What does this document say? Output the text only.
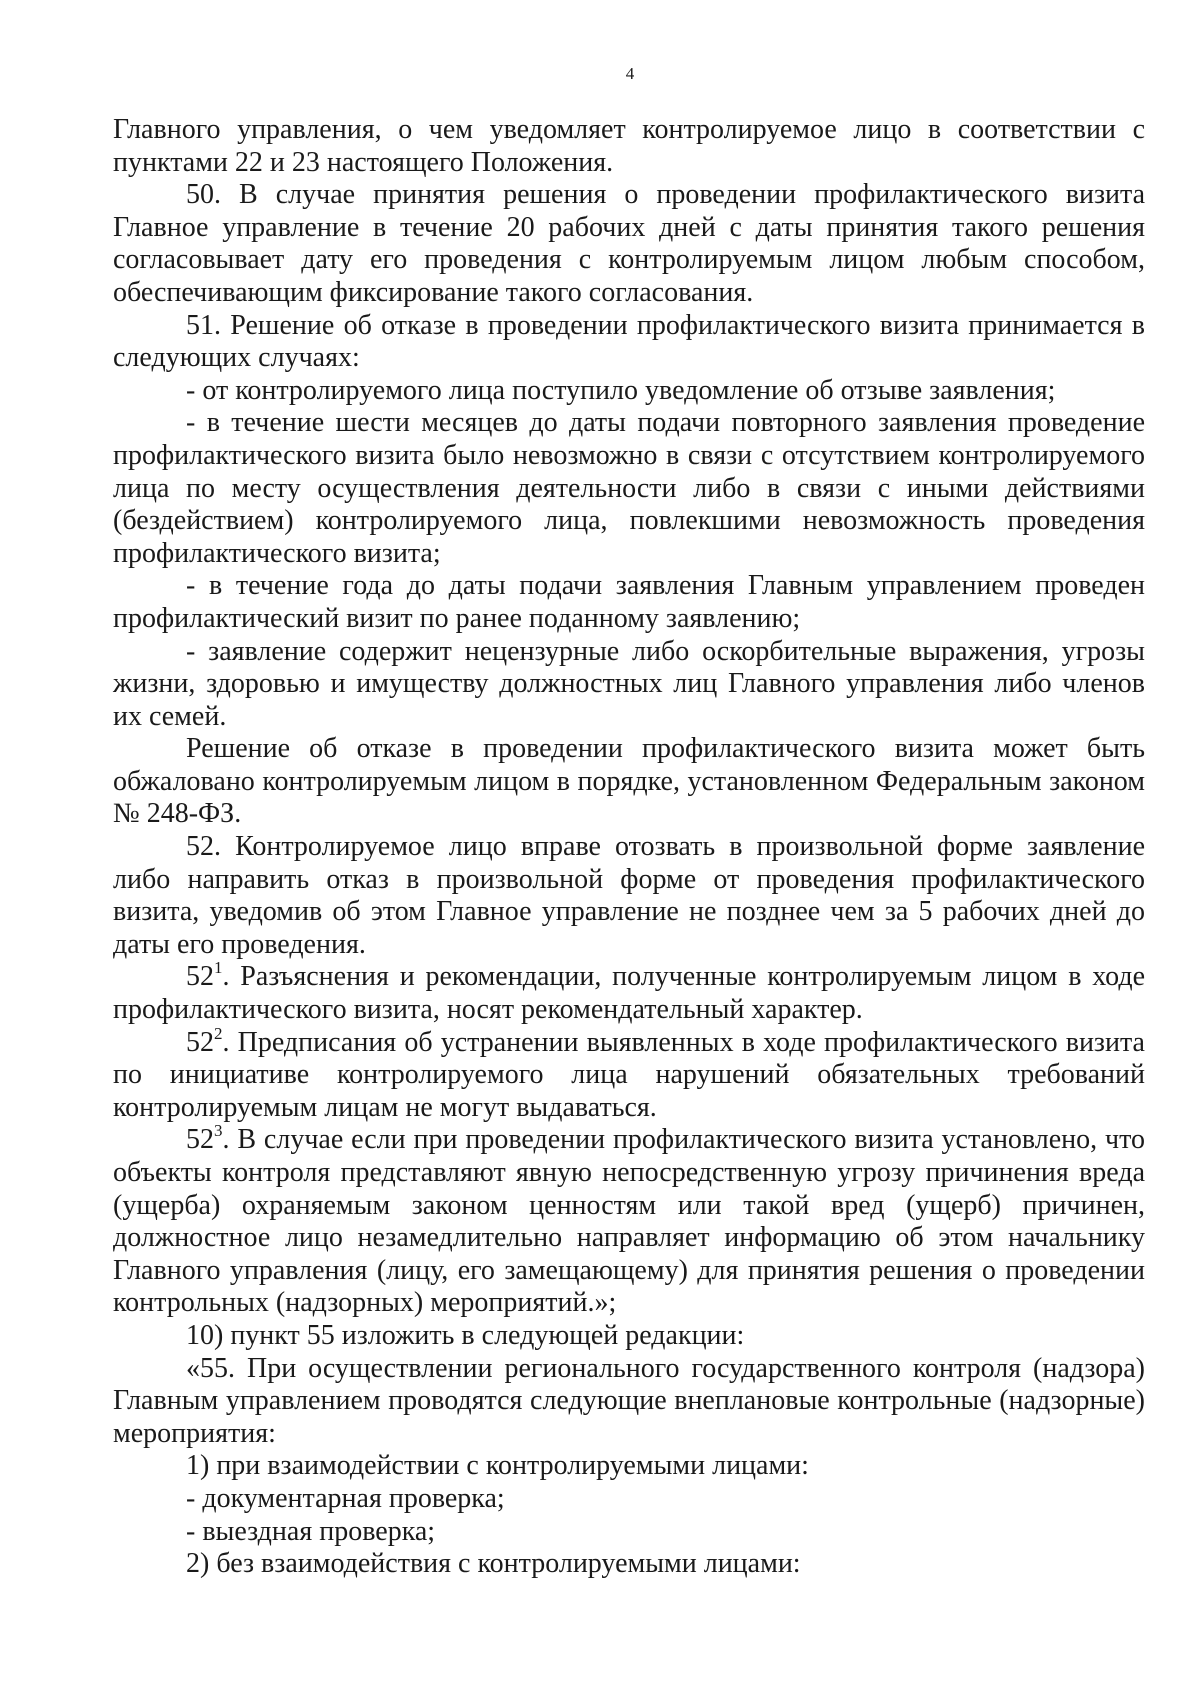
4

Главного управления, о чем уведомляет контролируемое лицо в соответствии с пунктами 22 и 23 настоящего Положения.

50. В случае принятия решения о проведении профилактического визита Главное управление в течение 20 рабочих дней с даты принятия такого решения согласовывает дату его проведения с контролируемым лицом любым способом, обеспечивающим фиксирование такого согласования.

51. Решение об отказе в проведении профилактического визита принимается в следующих случаях:

- от контролируемого лица поступило уведомление об отзыве заявления;

- в течение шести месяцев до даты подачи повторного заявления проведение профилактического визита было невозможно в связи с отсутствием контролируемого лица по месту осуществления деятельности либо в связи с иными действиями (бездействием) контролируемого лица, повлекшими невозможность проведения профилактического визита;

- в течение года до даты подачи заявления Главным управлением проведен профилактический визит по ранее поданному заявлению;

- заявление содержит нецензурные либо оскорбительные выражения, угрозы жизни, здоровью и имуществу должностных лиц Главного управления либо членов их семей.

Решение об отказе в проведении профилактического визита может быть обжаловано контролируемым лицом в порядке, установленном Федеральным законом № 248-ФЗ.

52. Контролируемое лицо вправе отозвать в произвольной форме заявление либо направить отказ в произвольной форме от проведения профилактического визита, уведомив об этом Главное управление не позднее чем за 5 рабочих дней до даты его проведения.

$52^1$. Разъяснения и рекомендации, полученные контролируемым лицом в ходе профилактического визита, носят рекомендательный характер.

$52^2$. Предписания об устранении выявленных в ходе профилактического визита по инициативе контролируемого лица нарушений обязательных требований контролируемым лицам не могут выдаваться.

$52^3$. В случае если при проведении профилактического визита установлено, что объекты контроля представляют явную непосредственную угрозу причинения вреда (ущерба) охраняемым законом ценностям или такой вред (ущерб) причинен, должностное лицо незамедлительно направляет информацию об этом начальнику Главного управления (лицу, его замещающему) для принятия решения о проведении контрольных (надзорных) мероприятий.»;

10) пункт 55 изложить в следующей редакции:

«55. При осуществлении регионального государственного контроля (надзора) Главным управлением проводятся следующие внеплановые контрольные (надзорные) мероприятия:

1) при взаимодействии с контролируемыми лицами:

- документарная проверка;

- выездная проверка;

2) без взаимодействия с контролируемыми лицами:
